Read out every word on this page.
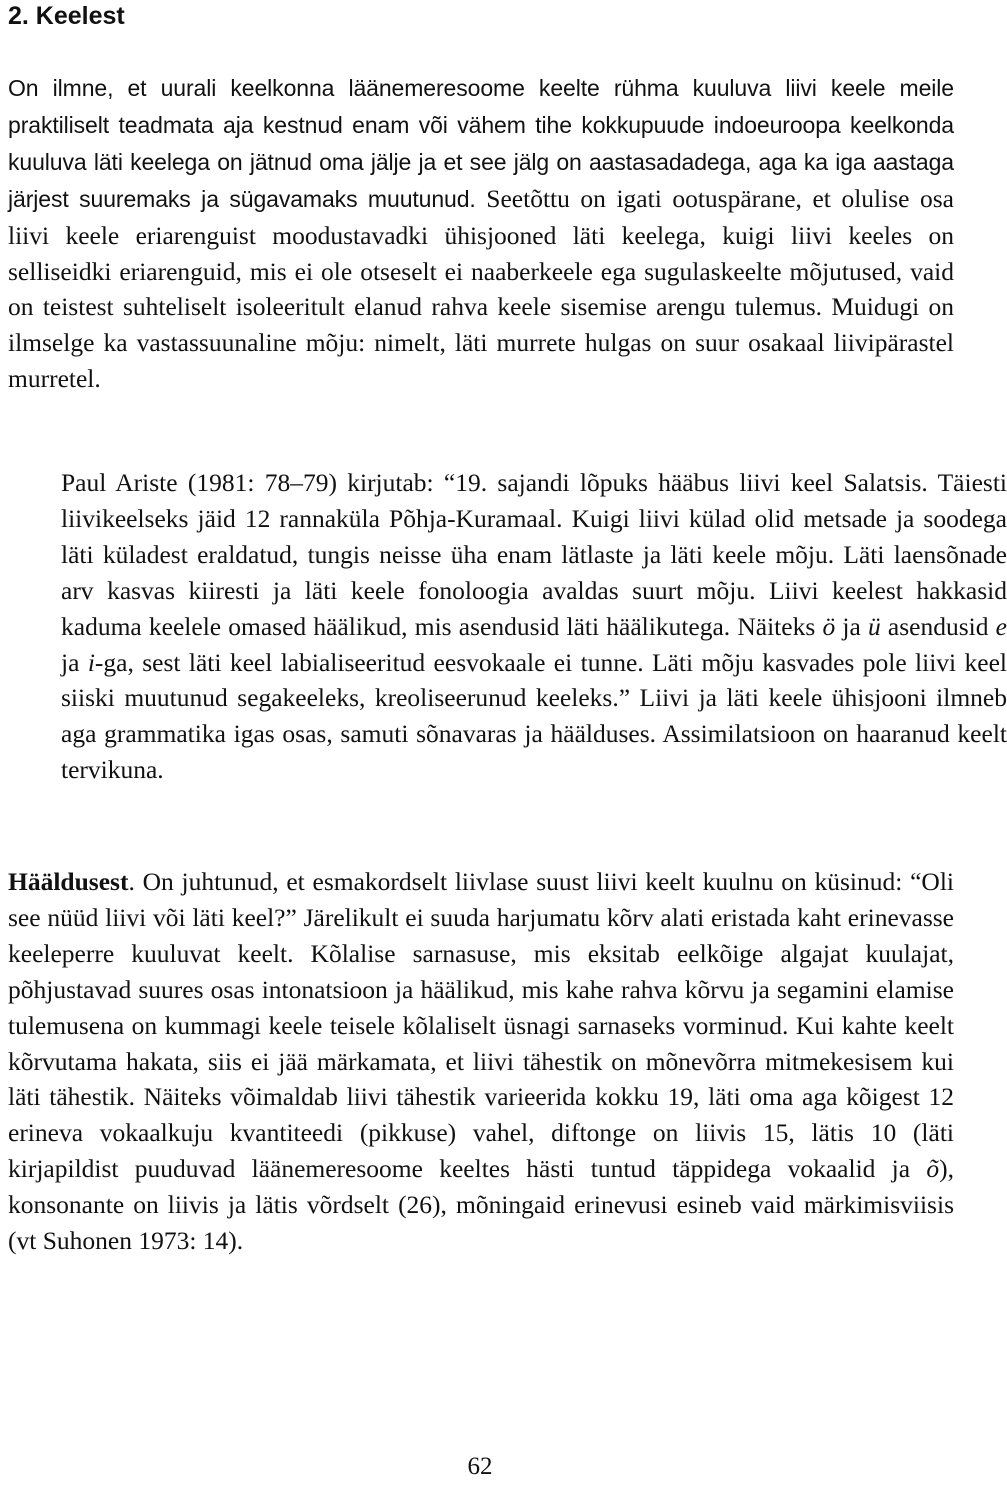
2. Keelest

On ilmne, et uurali keelkonna läänemeresoome keelte rühma kuuluva liivi keele meile praktiliselt teadmata aja kestnud enam või vähem tihe kokkupuude indoeuroopa keelkonda kuuluva läti keelega on jätnud oma jälje ja et see jälg on aastasadadega, aga ka iga aastaga järjest suuremaks ja sügavamaks muutunud. Seetõttu on igati ootuspärane, et olulise osa liivi keele eriarenguist moodustavadki ühisjooned läti keelega, kuigi liivi keeles on selliseidki eriarenguid, mis ei ole otseselt ei naaberkeele ega sugulaskeelte mõjutused, vaid on teistest suhteliselt isoleeritult elanud rahva keele sisemise arengu tulemus. Muidugi on ilmselge ka vastassuunaline mõju: nimelt, läti murrete hulgas on suur osakaal liivipärastel murretel.

Paul Ariste (1981: 78–79) kirjutab: “19. sajandi lõpuks hääbus liivi keel Salatsis. Täiesti liivikeelseks jäid 12 rannaküla Põhja-Kuramaal. Kuigi liivi külad olid metsade ja soodega läti küladest eraldatud, tungis neisse üha enam lätlaste ja läti keele mõju. Läti laensõnade arv kasvas kiiresti ja läti keele fonoloogia avaldas suurt mõju. Liivi keelest hakkasid kaduma keelele omased häälikud, mis asendusid läti häälikutega. Näiteks ö ja ü asendusid e ja i-ga, sest läti keel labialiseeritud eesvokaale ei tunne. Läti mõju kasvades pole liivi keel siiski muutunud segakeeleks, kreoliseerunud keeleks.” Liivi ja läti keele ühisjooni ilmneb aga grammatika igas osas, samuti sõnavaras ja häälduses. Assimilatsioon on haaranud keelt tervikuna.

Hääldusest. On juhtunud, et esmakordselt liivlase suust liivi keelt kuulnu on küsinud: “Oli see nüüd liivi või läti keel?” Järelikult ei suuda harjumatu kõrv alati eristada kaht erinevasse keeleperre kuuluvat keelt. Kõlalise sarnasuse, mis eksitab eelkõige algajat kuulajat, põhjustavad suures osas intonatsioon ja häälikud, mis kahe rahva kõrvu ja segamini elamise tulemusena on kummagi keele teisele kõlaliselt üsnagi sarnaseks vorminud. Kui kahte keelt kõrvutama hakata, siis ei jää märkamata, et liivi tähestik on mõnevõrra mitmekesisem kui läti tähestik. Näiteks võimaldab liivi tähestik varieerida kokku 19, läti oma aga kõigest 12 erineva vokaalkuju kvantiteedi (pikkuse) vahel, diftonge on liivis 15, lätis 10 (läti kirjapildist puuduvad läänemeresoome keeltes hästi tuntud täppidega vokaalid ja õ), konsonante on liivis ja lätis võrdselt (26), mõningaid erinevusi esineb vaid märkimisviisis (vt Suhonen 1973: 14).

62
